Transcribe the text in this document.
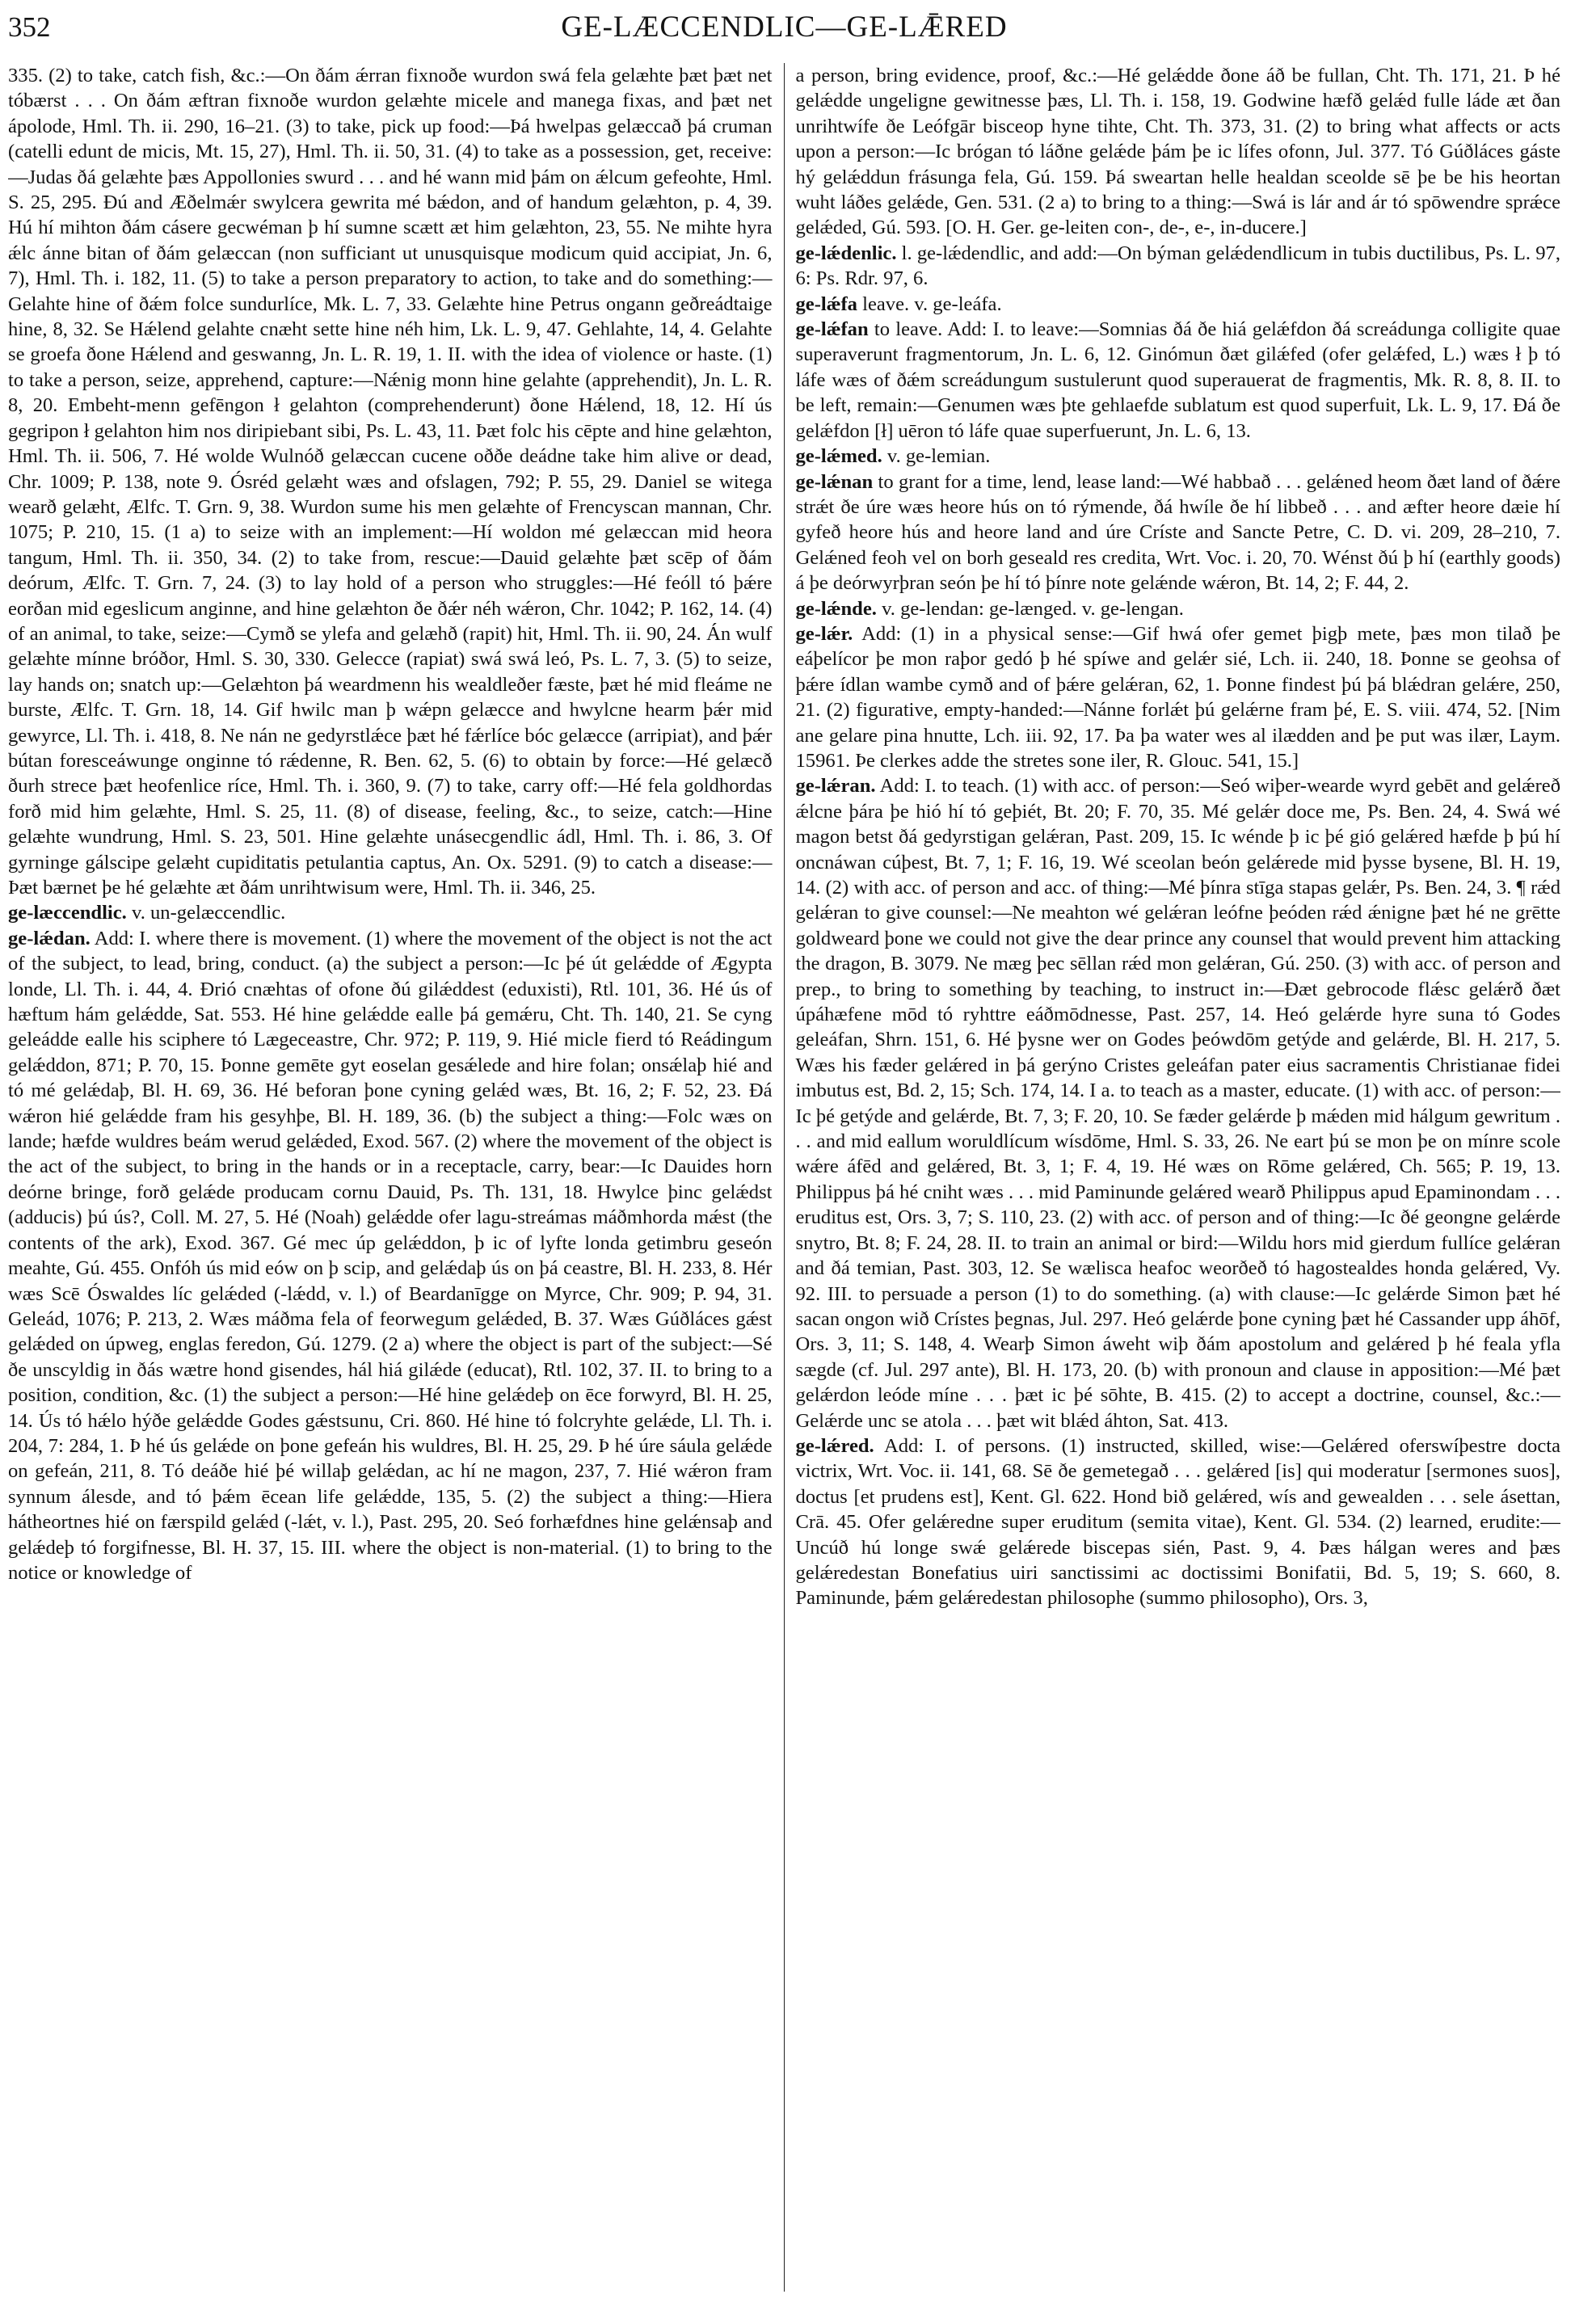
352	GE-LÆCCENDLIC—GE-LǢRED

335. (2) to take, catch fish, &c.:—On ðám ǽrran fixnoðe wurdon swá fela gelæhte þæt þæt net tóbærst . . . On ðám æftran fixnoðe wurdon gelæhte micele and manega fixas, and þæt net ápolode, Hml. Th. ii. 290, 16–21. (3) to take, pick up food:—Þá hwelpas gelæccað þá cruman (catelli edunt de micis, Mt. 15, 27), Hml. Th. ii. 50, 31. (4) to take as a possession, get, receive:—Judas ðá gelæhte þæs Appollonies swurd . . . and hé wann mid þám on ǽlcum gefeohte, Hml. S. 25, 295. Ðú and Æðelmǽr swylcera gewrita mé bǽdon, and of handum gelæhton, p. 4, 39. Hú hí mihton ðám cásere gecwéman þ hí sumne scætt æt him gelæhton, 23, 55. Ne mihte hyra ǽlc ánne bitan of ðám gelæccan (non sufficiant ut unusquisque modicum quid accipiat, Jn. 6, 7), Hml. Th. i. 182, 11. (5) to take a person preparatory to action, to take and do something:—Gelahte hine of ðǽm folce sundurlíce, Mk. L. 7, 33. Gelæhte hine Petrus ongann geðreádtaige hine, 8, 32. Se Hǽlend gelahte cnæht sette hine néh him, Lk. L. 9, 47. Gehlahte, 14, 4. Gelahte se groefa ðone Hǽlend and geswanng, Jn. L. R. 19, 1. II. with the idea of violence or haste. (1) to take a person, seize, apprehend, capture:—Nǽnig monn hine gelahte (apprehendit), Jn. L. R. 8, 20. Embeht-menn gefēngon ł gelahton (comprehenderunt) ðone Hǽlend, 18, 12. Hí ús gegripon ł gelahton him nos diripiebant sibi, Ps. L. 43, 11. Þæt folc his cēpte and hine gelæhton, Hml. Th. ii. 506, 7. Hé wolde Wulnóð gelæccan cucene oððe deádne take him alive or dead, Chr. 1009; P. 138, note 9. Ósréd gelæht wæs and ofslagen, 792; P. 55, 29. Daniel se witega wearð gelæht, Ælfc. T. Grn. 9, 38. Wurdon sume his men gelæhte of Frencyscan mannan, Chr. 1075; P. 210, 15. (1 a) to seize with an implement:—Hí woldon mé gelæccan mid heora tangum, Hml. Th. ii. 350, 34. (2) to take from, rescue:—Dauid gelæhte þæt scēp of ðám deórum, Ælfc. T. Grn. 7, 24. (3) to lay hold of a person who struggles:—Hé feóll tó þǽre eorðan mid egeslicum anginne, and hine gelæhton ðe ðǽr néh wǽron, Chr. 1042; P. 162, 14. (4) of an animal, to take, seize:—Cymð se ylefa and gelæhð (rapit) hit, Hml. Th. ii. 90, 24. Án wulf gelæhte mínne bróðor, Hml. S. 30, 330. Gelecce (rapiat) swá swá leó, Ps. L. 7, 3. (5) to seize, lay hands on; snatch up:—Gelæhton þá weardmenn his wealdleðer fæste, þæt hé mid fleáme ne burste, Ælfc. T. Grn. 18, 14. Gif hwilc man þ wǽpn gelæcce and hwylcne hearm þǽr mid gewyrce, Ll. Th. i. 418, 8. Ne nán ne gedyrstlǽce þæt hé fǽrlíce bóc gelæcce (arripiat), and þǽr bútan foresceáwunge onginne tó rǽdenne, R. Ben. 62, 5. (6) to obtain by force:—Hé gelæcð ðurh strece þæt heofenlice ríce, Hml. Th. i. 360, 9. (7) to take, carry off:—Hé fela goldhordas forð mid him gelæhte, Hml. S. 25, 11. (8) of disease, feeling, &c., to seize, catch:—Hine gelæhte wundrung, Hml. S. 23, 501. Hine gelæhte unásecgendlic ádl, Hml. Th. i. 86, 3. Of gyrninge gálscipe gelæht cupiditatis petulantia captus, An. Ox. 5291. (9) to catch a disease:—Þæt bærnet þe hé gelæhte æt ðám unrihtwisum were, Hml. Th. ii. 346, 25.

ge-læccendlic. v. un-gelæccendlic.

ge-lǽdan. Add: I. where there is movement. (1) where the movement of the object is not the act of the subject, to lead, bring, conduct. (a) the subject a person:—Ic þé út gelǽdde of Ægypta londe, Ll. Th. i. 44, 4. Ðrió cnæhtas of ofone ðú gilǽddest (eduxisti), Rtl. 101, 36. Hé ús of hæftum hám gelǽdde, Sat. 553. Hé hine gelǽdde ealle þá gemǽru, Cht. Th. 140, 21. Se cyng geleádde ealle his sciphere tó Lægeceastre, Chr. 972; P. 119, 9. Hié micle fierd tó Reádingum gelǽddon, 871; P. 70, 15. Þonne gemēte gyt eoselan gesǽlede and hire folan; onsǽlaþ hié and tó mé gelǽdaþ, Bl. H. 69, 36. Hé beforan þone cyning gelǽd wæs, Bt. 16, 2; F. 52, 23. Ðá wǽron hié gelǽdde fram his gesyhþe, Bl. H. 189, 36. (b) the subject a thing:—Folc wæs on lande; hæfde wuldres beám werud gelǽded, Exod. 567. (2) where the movement of the object is the act of the subject, to bring in the hands or in a receptacle, carry, bear:—Ic Dauides horn deórne bringe, forð gelǽde producam cornu Dauid, Ps. Th. 131, 18. Hwylce þinc gelǽdst (adducis) þú ús?, Coll. M. 27, 5. Hé (Noah) gelǽdde ofer lagu-streámas máðmhorda mǽst (the contents of the ark), Exod. 367. Gé mec úp gelǽddon, þ ic of lyfte londa getimbru geseón meahte, Gú. 455. Onfóh ús mid eów on þ scip, and gelǽdaþ ús on þá ceastre, Bl. H. 233, 8. Hér wæs Scē Óswaldes líc gelǽded (-lǽdd, v. l.) of Beardanīgge on Myrce, Chr. 909; P. 94, 31. Geleád, 1076; P. 213, 2. Wæs máðma fela of feorwegum gelǽded, B. 37. Wæs Gúðláces gǽst gelǽded on úpweg, englas feredon, Gú. 1279. (2 a) where the object is part of the subject:—Sé ðe unscyldig in ðás wætre hond gisendes, hál hiá gilǽde (educat), Rtl. 102, 37. II. to bring to a position, condition, &c. (1) the subject a person:—Hé hine gelǽdeþ on ēce forwyrd, Bl. H. 25, 14. Ús tó hǽlo hýðe gelǽdde Godes gǽstsunu, Cri. 860. Hé hine tó folcryhte gelǽde, Ll. Th. i. 204, 7: 284, 1. Þ hé ús gelǽde on þone gefeán his wuldres, Bl. H. 25, 29. Þ hé úre sáula gelǽde on gefeán, 211, 8. Tó deáðe hié þé willaþ gelǽdan, ac hí ne magon, 237, 7. Hié wǽron fram synnum álesde, and tó þǽm ēcean life gelǽdde, 135, 5. (2) the subject a thing:—Hiera hátheortnes hié on færspild gelǽd (-lǽt, v. l.), Past. 295, 20. Seó forhæfdnes hine gelǽnsaþ and gelǽdeþ tó forgifnesse, Bl. H. 37, 15. III. where the object is non-material. (1) to bring to the notice or knowledge of

a person, bring evidence, proof, &c.:—Hé gelǽdde ðone áð be fullan, Cht. Th. 171, 21. Þ hé gelǽdde ungeligne gewitnesse þæs, Ll. Th. i. 158, 19. Godwine hæfð gelǽd fulle láde æt ðan unrihtwífe ðe Leófgār bisceop hyne tihte, Cht. Th. 373, 31. (2) to bring what affects or acts upon a person:—Ic brógan tó láðne gelǽde þám þe ic lífes ofonn, Jul. 377. Tó Gúðláces gáste hý gelǽddun frásunga fela, Gú. 159. Þá sweartan helle healdan sceolde sē þe be his heortan wuht láðes gelǽde, Gen. 531. (2 a) to bring to a thing:—Swá is lár and ár tó spōwendre sprǽce gelǽded, Gú. 593. [O. H. Ger. ge-leiten con-, de-, e-, in-ducere.]

ge-lǽdenlic. l. ge-lǽdendlic, and add:—On býman gelǽdendlicum in tubis ductilibus, Ps. L. 97, 6: Ps. Rdr. 97, 6.

ge-lǽfa leave. v. ge-leáfa.

ge-lǽfan to leave. Add: I. to leave:—Somnias ðá ðe hiá gelǽfdon ðá screádunga colligite quae superaverunt fragmentorum, Jn. L. 6, 12. Ginómun ðæt gilǽfed (ofer gelǽfed, L.) wæs ł þ tó láfe wæs of ðǽm screádungum sustulerunt quod superauerat de fragmentis, Mk. R. 8, 8. II. to be left, remain:—Genumen wæs þte gehlaefde sublatum est quod superfuit, Lk. L. 9, 17. Ðá ðe gelǽfdon [ł] uēron tó láfe quae superfuerunt, Jn. L. 6, 13.

ge-lǽmed. v. ge-lemian.

ge-lǽnan to grant for a time, lend, lease land:—Wé habbað . . . gelǽned heom ðæt land of ðǽre strǽt ðe úre wæs heore hús on tó rýmende, ðá hwíle ðe hí libbeð . . . and æfter heore dæie hí gyfeð heore hús and heore land and úre Críste and Sancte Petre, C. D. vi. 209, 28–210, 7. Gelǽned feoh vel on borh geseald res credita, Wrt. Voc. i. 20, 70. Wénst ðú þ hí (earthly goods) á þe deórwyrþran seón þe hí tó þínre note gelǽnde wǽron, Bt. 14, 2; F. 44, 2.

ge-lǽnde. v. ge-lendan: ge-længed. v. ge-lengan.

ge-lǽr. Add: (1) in a physical sense:—Gif hwá ofer gemet þigþ mete, þæs mon tilað þe eáþelícor þe mon raþor gedó þ hé spíwe and gelǽr sié, Lch. ii. 240, 18. Þonne se geohsa of þǽre ídlan wambe cymð and of þǽre gelǽran, 62, 1. Þonne findest þú þá blǽdran gelǽre, 250, 21. (2) figurative, empty-handed:—Nánne forlǽt þú gelǽrne fram þé, E. S. viii. 474, 52. [Nim ane gelare pina hnutte, Lch. iii. 92, 17. Þa þa water wes al ilædden and þe put was ilær, Laym. 15961. Þe clerkes adde the stretes sone iler, R. Glouc. 541, 15.]

ge-lǽran. Add: I. to teach. (1) with acc. of person:—Seó wiþer-wearde wyrd gebēt and gelǽreð ǽlcne þára þe hió hí tó geþiét, Bt. 20; F. 70, 35. Mé gelǽr doce me, Ps. Ben. 24, 4. Swá wé magon betst ðá gedyrstigan gelǽran, Past. 209, 15. Ic wénde þ ic þé gió gelǽred hæfde þ þú hí oncnáwan cúþest, Bt. 7, 1; F. 16, 19. Wé sceolan beón gelǽrede mid þysse bysene, Bl. H. 19, 14. (2) with acc. of person and acc. of thing:—Mé þínra stīga stapas gelǽr, Ps. Ben. 24, 3. ¶ rǽd gelǽran to give counsel:—Ne meahton wé gelǽran leófne þeóden rǽd ǽnigne þæt hé ne grētte goldweard þone we could not give the dear prince any counsel that would prevent him attacking the dragon, B. 3079. Ne mæg þec sēllan rǽd mon gelǽran, Gú. 250. (3) with acc. of person and prep., to bring to something by teaching, to instruct in:—Ðæt gebrocode flǽsc gelǽrð ðæt úpáhæfene mōd tó ryhttre eáðmōdnesse, Past. 257, 14. Heó gelǽrde hyre suna tó Godes geleáfan, Shrn. 151, 6. Hé þysne wer on Godes þeówdōm getýde and gelǽrde, Bl. H. 217, 5. Wæs his fæder gelǽred in þá gerýno Cristes geleáfan pater eius sacramentis Christianae fidei imbutus est, Bd. 2, 15; Sch. 174, 14. I a. to teach as a master, educate. (1) with acc. of person:—Ic þé getýde and gelǽrde, Bt. 7, 3; F. 20, 10. Se fæder gelǽrde þ mǽden mid hálgum gewritum . . . and mid eallum woruldlícum wísdōme, Hml. S. 33, 26. Ne eart þú se mon þe on mínre scole wǽre áfēd and gelǽred, Bt. 3, 1; F. 4, 19. Hé wæs on Rōme gelǽred, Ch. 565; P. 19, 13. Philippus þá hé cniht wæs . . . mid Paminunde gelǽred wearð Philippus apud Epaminondam . . . eruditus est, Ors. 3, 7; S. 110, 23. (2) with acc. of person and of thing:—Ic ðé geongne gelǽrde snytro, Bt. 8; F. 24, 28. II. to train an animal or bird:—Wildu hors mid gierdum fullíce gelǽran and ðá temian, Past. 303, 12. Se wælisca heafoc weorðeð tó hagostealdes honda gelǽred, Vy. 92. III. to persuade a person (1) to do something. (a) with clause:—Ic gelǽrde Simon þæt hé sacan ongon wið Crístes þegnas, Jul. 297. Heó gelǽrde þone cyning þæt hé Cassander upp áhōf, Ors. 3, 11; S. 148, 4. Wearþ Simon áweht wiþ ðám apostolum and gelǽred þ hé feala yfla sægde (cf. Jul. 297 ante), Bl. H. 173, 20. (b) with pronoun and clause in apposition:—Mé þæt gelǽrdon leóde míne . . . þæt ic þé sōhte, B. 415. (2) to accept a doctrine, counsel, &c.:—Gelǽrde unc se atola . . . þæt wit blǽd áhton, Sat. 413.

ge-lǽred. Add: I. of persons. (1) instructed, skilled, wise:—Gelǽred oferswíþestre docta victrix, Wrt. Voc. ii. 141, 68. Sē ðe gemetegað . . . gelǽred [is] qui moderatur [sermones suos], doctus [et prudens est], Kent. Gl. 622. Hond bið gelǽred, wís and gewealden . . . sele ásettan, Crā. 45. Ofer gelǽredne super eruditum (semita vitae), Kent. Gl. 534. (2) learned, erudite:—Uncúð hú longe swǽ gelǽrede biscepas sién, Past. 9, 4. Þæs hálgan weres and þæs gelǽredestan Bonefatius uiri sanctissimi ac doctissimi Bonifatii, Bd. 5, 19; S. 660, 8. Paminunde, þǽm gelǽredestan philosophe (summo philosopho), Ors. 3,
